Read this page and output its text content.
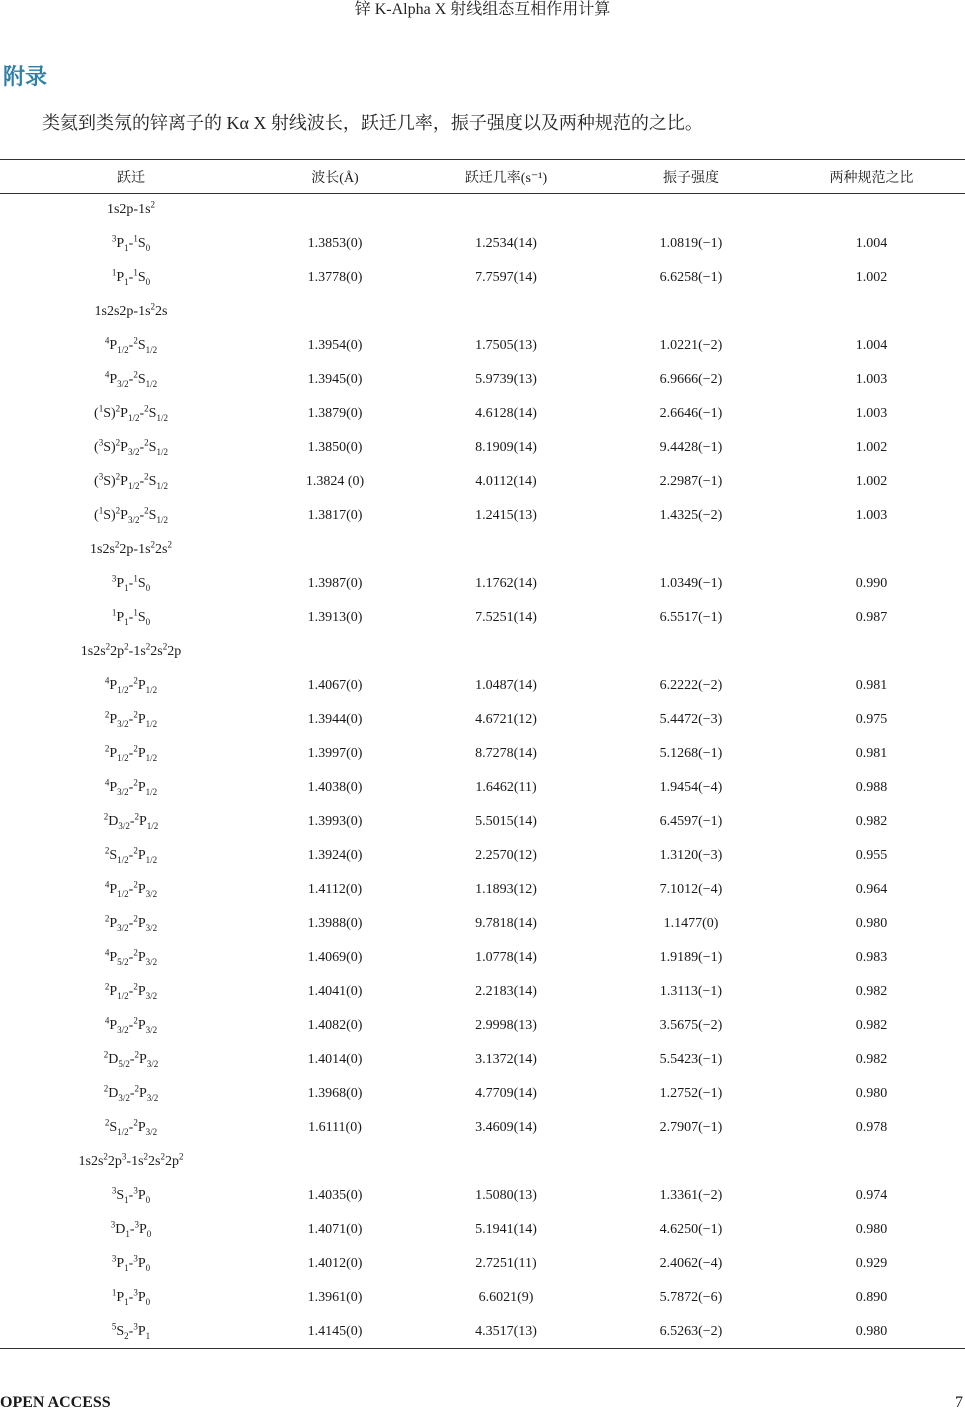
锌 K-Alpha X 射线组态互相作用计算
附录
类氦到类氖的锌离子的 Kα X 射线波长，跃迁几率，振子强度以及两种规范的之比。
跃迁	波长(Å)	跃迁几率(s⁻¹)	振子强度	两种规范之比
$1s2p-1s^2$				
$^3P_1-^1S_0$	1.3853(0)	1.2534(14)	1.0819(−1)	1.004
$^1P_1-^1S_0$	1.3778(0)	7.7597(14)	6.6258(−1)	1.002
$1s2s2p-1s^22s$				
$^4P_{1/2}-^2S_{1/2}$	1.3954(0)	1.7505(13)	1.0221(−2)	1.004
$^4P_{3/2}-^2S_{1/2}$	1.3945(0)	5.9739(13)	6.9666(−2)	1.003
$(^1S)^2P_{1/2}-^2S_{1/2}$	1.3879(0)	4.6128(14)	2.6646(−1)	1.003
$(^3S)^2P_{3/2}-^2S_{1/2}$	1.3850(0)	8.1909(14)	9.4428(−1)	1.002
$(^3S)^2P_{1/2}-^2S_{1/2}$	1.3824 (0)	4.0112(14)	2.2987(−1)	1.002
$(^1S)^2P_{3/2}-^2S_{1/2}$	1.3817(0)	1.2415(13)	1.4325(−2)	1.003
$1s2s^22p-1s^22s^2$				
$^3P_1-^1S_0$	1.3987(0)	1.1762(14)	1.0349(−1)	0.990
$^1P_1-^1S_0$	1.3913(0)	7.5251(14)	6.5517(−1)	0.987
$1s2s^22p^2-1s^22s^22p$				
$^4P_{1/2}-^2P_{1/2}$	1.4067(0)	1.0487(14)	6.2222(−2)	0.981
$^2P_{3/2}-^2P_{1/2}$	1.3944(0)	4.6721(12)	5.4472(−3)	0.975
$^2P_{1/2}-^2P_{1/2}$	1.3997(0)	8.7278(14)	5.1268(−1)	0.981
$^4P_{3/2}-^2P_{1/2}$	1.4038(0)	1.6462(11)	1.9454(−4)	0.988
$^2D_{3/2}-^2P_{1/2}$	1.3993(0)	5.5015(14)	6.4597(−1)	0.982
$^2S_{1/2}-^2P_{1/2}$	1.3924(0)	2.2570(12)	1.3120(−3)	0.955
$^4P_{1/2}-^2P_{3/2}$	1.4112(0)	1.1893(12)	7.1012(−4)	0.964
$^2P_{3/2}-^2P_{3/2}$	1.3988(0)	9.7818(14)	1.1477(0)	0.980
$^4P_{5/2}-^2P_{3/2}$	1.4069(0)	1.0778(14)	1.9189(−1)	0.983
$^2P_{1/2}-^2P_{3/2}$	1.4041(0)	2.2183(14)	1.3113(−1)	0.982
$^4P_{3/2}-^2P_{3/2}$	1.4082(0)	2.9998(13)	3.5675(−2)	0.982
$^2D_{5/2}-^2P_{3/2}$	1.4014(0)	3.1372(14)	5.5423(−1)	0.982
$^2D_{3/2}-^2P_{3/2}$	1.3968(0)	4.7709(14)	1.2752(−1)	0.980
$^2S_{1/2}-^2P_{3/2}$	1.6111(0)	3.4609(14)	2.7907(−1)	0.978
$1s2s^22p^3-1s^22s^22p^2$				
$^3S_1-^3P_0$	1.4035(0)	1.5080(13)	1.3361(−2)	0.974
$^3D_1-^3P_0$	1.4071(0)	5.1941(14)	4.6250(−1)	0.980
$^3P_1-^3P_0$	1.4012(0)	2.7251(11)	2.4062(−4)	0.929
$^1P_1-^3P_0$	1.3961(0)	6.6021(9)	5.7872(−6)	0.890
$^5S_2-^3P_1$	1.4145(0)	4.3517(13)	6.5263(−2)	0.980
OPEN ACCESS	7
